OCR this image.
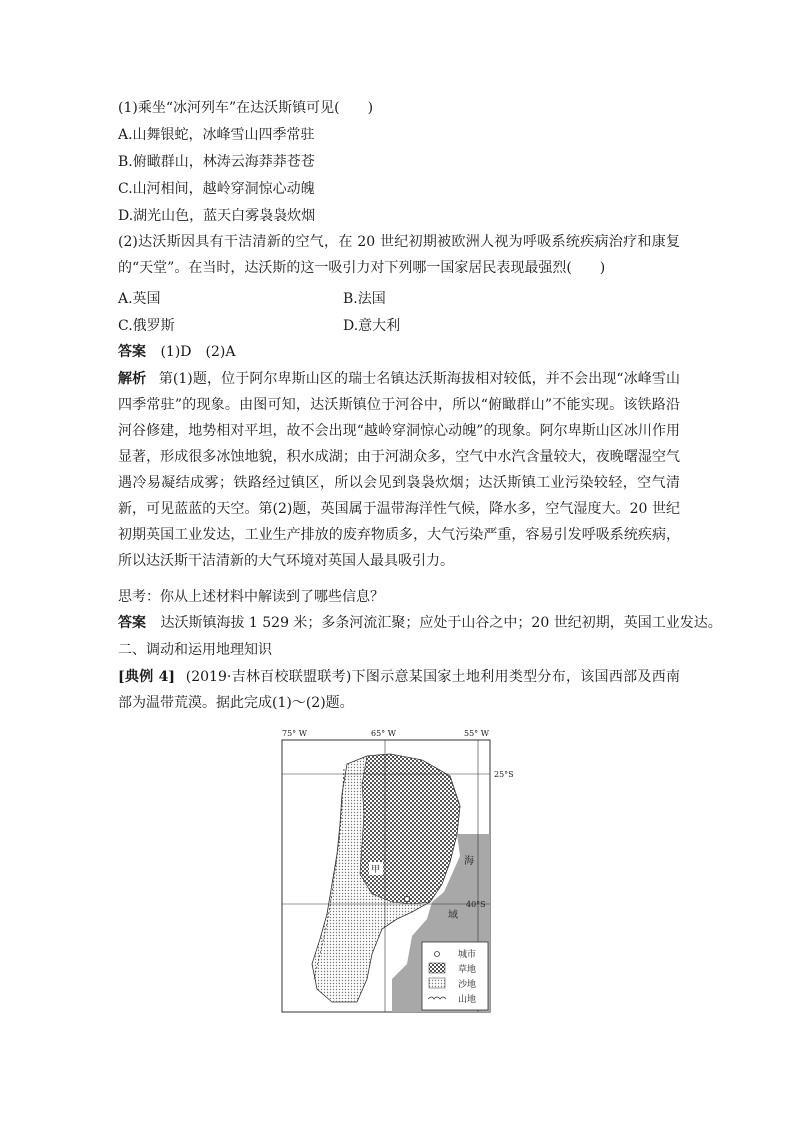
(1)乘坐“冰河列车”在达沃斯镇可见(　　)
A.山舞银蛇，冰峰雪山四季常驻
B.俯瞰群山，林涛云海莽莽苍苍
C.山河相间，越岭穿洞惊心动魄
D.湖光山色，蓝天白雾袅袅炊烟
(2)达沃斯因具有干洁清新的空气，在 20 世纪初期被欧洲人视为呼吸系统疾病治疗和康复的“天堂”。在当时，达沃斯的这一吸引力对下列哪一国家居民表现最强烈(　　)
A.英国	B.法国
C.俄罗斯	D.意大利
答案 (1)D　(2)A
解析 第(1)题，位于阿尔卑斯山区的瑞士名镇达沃斯海拔相对较低，并不会出现“冰峰雪山四季常驻”的现象。由图可知，达沃斯镇位于河谷中，所以“俯瞰群山”不能实现。该铁路沿河谷修建，地势相对平坦，故不会出现“越岭穿洞惊心动魄”的现象。阿尔卑斯山区冰川作用显著，形成很多冰蚀地貌，积水成湖；由于河湖众多，空气中水汽含量较大，夜晚曙湿空气遇冷易凝结成雾；铁路经过镇区，所以会见到袅袅炊烟；达沃斯镇工业污染较轻，空气清新，可见蓝蓝的天空。第(2)题，英国属于温带海洋性气候，降水多，空气湿度大。20 世纪初期英国工业发达，工业生产排放的废弃物质多，大气污染严重，容易引发呼吸系统疾病，所以达沃斯干洁清新的大气环境对英国人最具吸引力。
思考：你从上述材料中解读到了哪些信息？
答案 达沃斯镇海拔 1 529 米；多条河流汇聚；应处于山谷之中；20 世纪初期，英国工业发达。
二、调动和运用地理知识
[典例 4] (2019·吉林百校联盟联考)下图示意某国家土地利用类型分布，该国西部及西南部为温带荒漠。据此完成(1)～(2)题。
75° W	65° W	55° W
25°S
40°S
甲
海
域
城市
草地
沙地
山地
